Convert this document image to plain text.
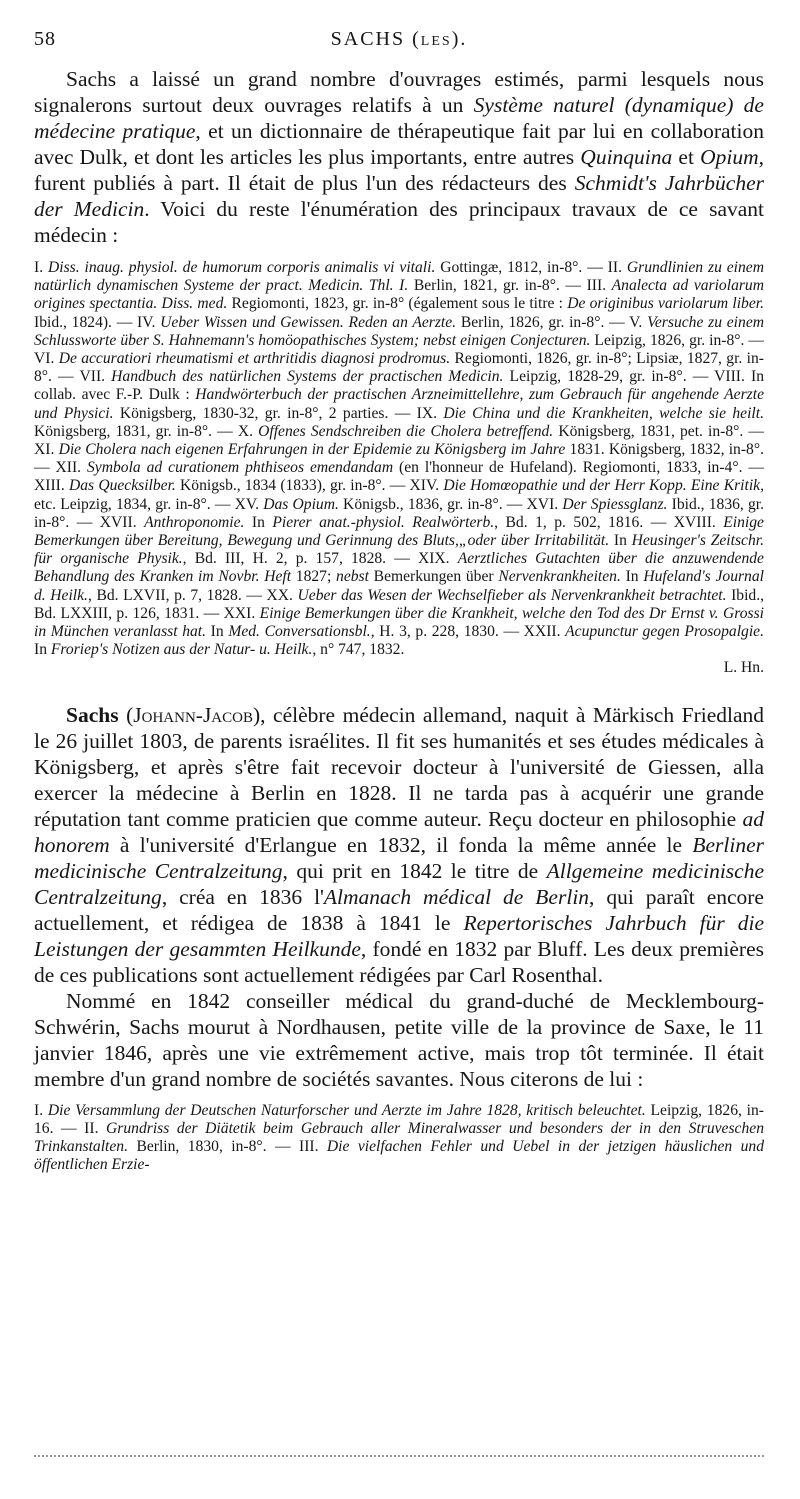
58	SACHS (LES).

Sachs a laissé un grand nombre d'ouvrages estimés, parmi lesquels nous signalerons surtout deux ouvrages relatifs à un Système naturel (dynamique) de médecine pratique, et un dictionnaire de thérapeutique fait par lui en collaboration avec Dulk, et dont les articles les plus importants, entre autres Quinquina et Opium, furent publiés à part. Il était de plus l'un des rédacteurs des Schmidt's Jahrbücher der Medicin. Voici du reste l'énumération des principaux travaux de ce savant médecin :

I. Diss. inaug. physiol. de humorum corporis animalis vi vitali. Gottingæ, 1812, in-8°. — II. Grundlinien zu einem natürlich dynamischen Systeme der pract. Medicin. Thl. I. Berlin, 1821, gr. in-8°. — III. Analecta ad variolarum origines spectantia. Diss. med. Regiomonti, 1823, gr. in-8° (également sous le titre : De originibus variolarum liber. Ibid., 1824). — IV. Ueber Wissen und Gewissen. Reden an Aerzte. Berlin, 1826, gr. in-8°. — V. Versuche zu einem Schlussworte über S. Hahnemann's homöopathisches System; nebst einigen Conjecturen. Leipzig, 1826, gr. in-8°. — VI. De accuratiori rheumatismi et arthritidis diagnosi prodromus. Regiomonti, 1826, gr. in-8°; Lipsiæ, 1827, gr. in-8°. — VII. Handbuch des natürlichen Systems der practischen Medicin. Leipzig, 1828-29, gr. in-8°. — VIII. In collab. avec F.-P. Dulk : Handwörterbuch der practischen Arzneimittellehre, zum Gebrauch für angehende Aerzte und Physici. Königsberg, 1830-32, gr. in-8°, 2 parties. — IX. Die China und die Krankheiten, welche sie heilt. Königsberg, 1831, gr. in-8°. — X. Offenes Sendschreiben die Cholera betreffend. Königsberg, 1831, pet. in-8°. — XI. Die Cholera nach eigenen Erfahrungen in der Epidemie zu Königsberg im Jahre 1831. Königsberg, 1832, in-8°. — XII. Symbola ad curationem phthiseos emendandam (en l'honneur de Hufeland). Regiomonti, 1833, in-4°. — XIII. Das Quecksilber. Königsb., 1834 (1833), gr. in-8°. — XIV. Die Homœopathie und der Herr Kopp. Eine Kritik, etc. Leipzig, 1834, gr. in-8°. — XV. Das Opium. Königsb., 1836, gr. in-8°. — XVI. Der Spiessglanz. Ibid., 1836, gr. in-8°. — XVII. Anthroponomie. In Pierer anat.-physiol. Realwörterb., Bd. 1, p. 502, 1816. — XVIII. Einige Bemerkungen über Bereitung, Bewegung und Gerinnung des Bluts,„oder über Irritabilität. In Heusinger's Zeitschr. für organische Physik., Bd. III, H. 2, p. 157, 1828. — XIX. Aerztliches Gutachten über die anzuwendende Behandlung des Kranken im Novbr. Heft 1827; nebst Bemerkungen über Nervenkrankheiten. In Hufeland's Journal d. Heilk., Bd. LXVII, p. 7, 1828. — XX. Ueber das Wesen der Wechselfieber als Nervenkrankheit betrachtet. Ibid., Bd. LXXIII, p. 126, 1831. — XXI. Einige Bemerkungen über die Krankheit, welche den Tod des Dr Ernst v. Grossi in München veranlasst hat. In Med. Conversationsbl., H. 3, p. 228, 1830. — XXII. Acupunctur gegen Prosopalgie. In Froriep's Notizen aus der Natur- u. Heilk., n° 747, 1832.

L. Hn.

Sachs (Johann-Jacob), célèbre médecin allemand, naquit à Märkisch Friedland le 26 juillet 1803, de parents israélites. Il fit ses humanités et ses études médicales à Königsberg, et après s'être fait recevoir docteur à l'université de Giessen, alla exercer la médecine à Berlin en 1828. Il ne tarda pas à acquérir une grande réputation tant comme praticien que comme auteur. Reçu docteur en philosophie ad honorem à l'université d'Erlangue en 1832, il fonda la même année le Berliner medicinische Centralzeitung, qui prit en 1842 le titre de Allgemeine medicinische Centralzeitung, créa en 1836 l'Almanach médical de Berlin, qui paraît encore actuellement, et rédigea de 1838 à 1841 le Repertorisches Jahrbuch für die Leistungen der gesammten Heilkunde, fondé en 1832 par Bluff. Les deux premières de ces publications sont actuellement rédigées par Carl Rosenthal.

Nommé en 1842 conseiller médical du grand-duché de Mecklembourg-Schwérin, Sachs mourut à Nordhausen, petite ville de la province de Saxe, le 11 janvier 1846, après une vie extrêmement active, mais trop tôt terminée. Il était membre d'un grand nombre de sociétés savantes. Nous citerons de lui :

I. Die Versammlung der Deutschen Naturforscher und Aerzte im Jahre 1828, kritisch beleuchtet. Leipzig, 1826, in-16. — II. Grundriss der Diätetik beim Gebrauch aller Mineralwasser und besonders der in den Struveschen Trinkanstalten. Berlin, 1830, in-8°. — III. Die vielfachen Fehler und Uebel in der jetzigen häuslichen und öffentlichen Erzie-
